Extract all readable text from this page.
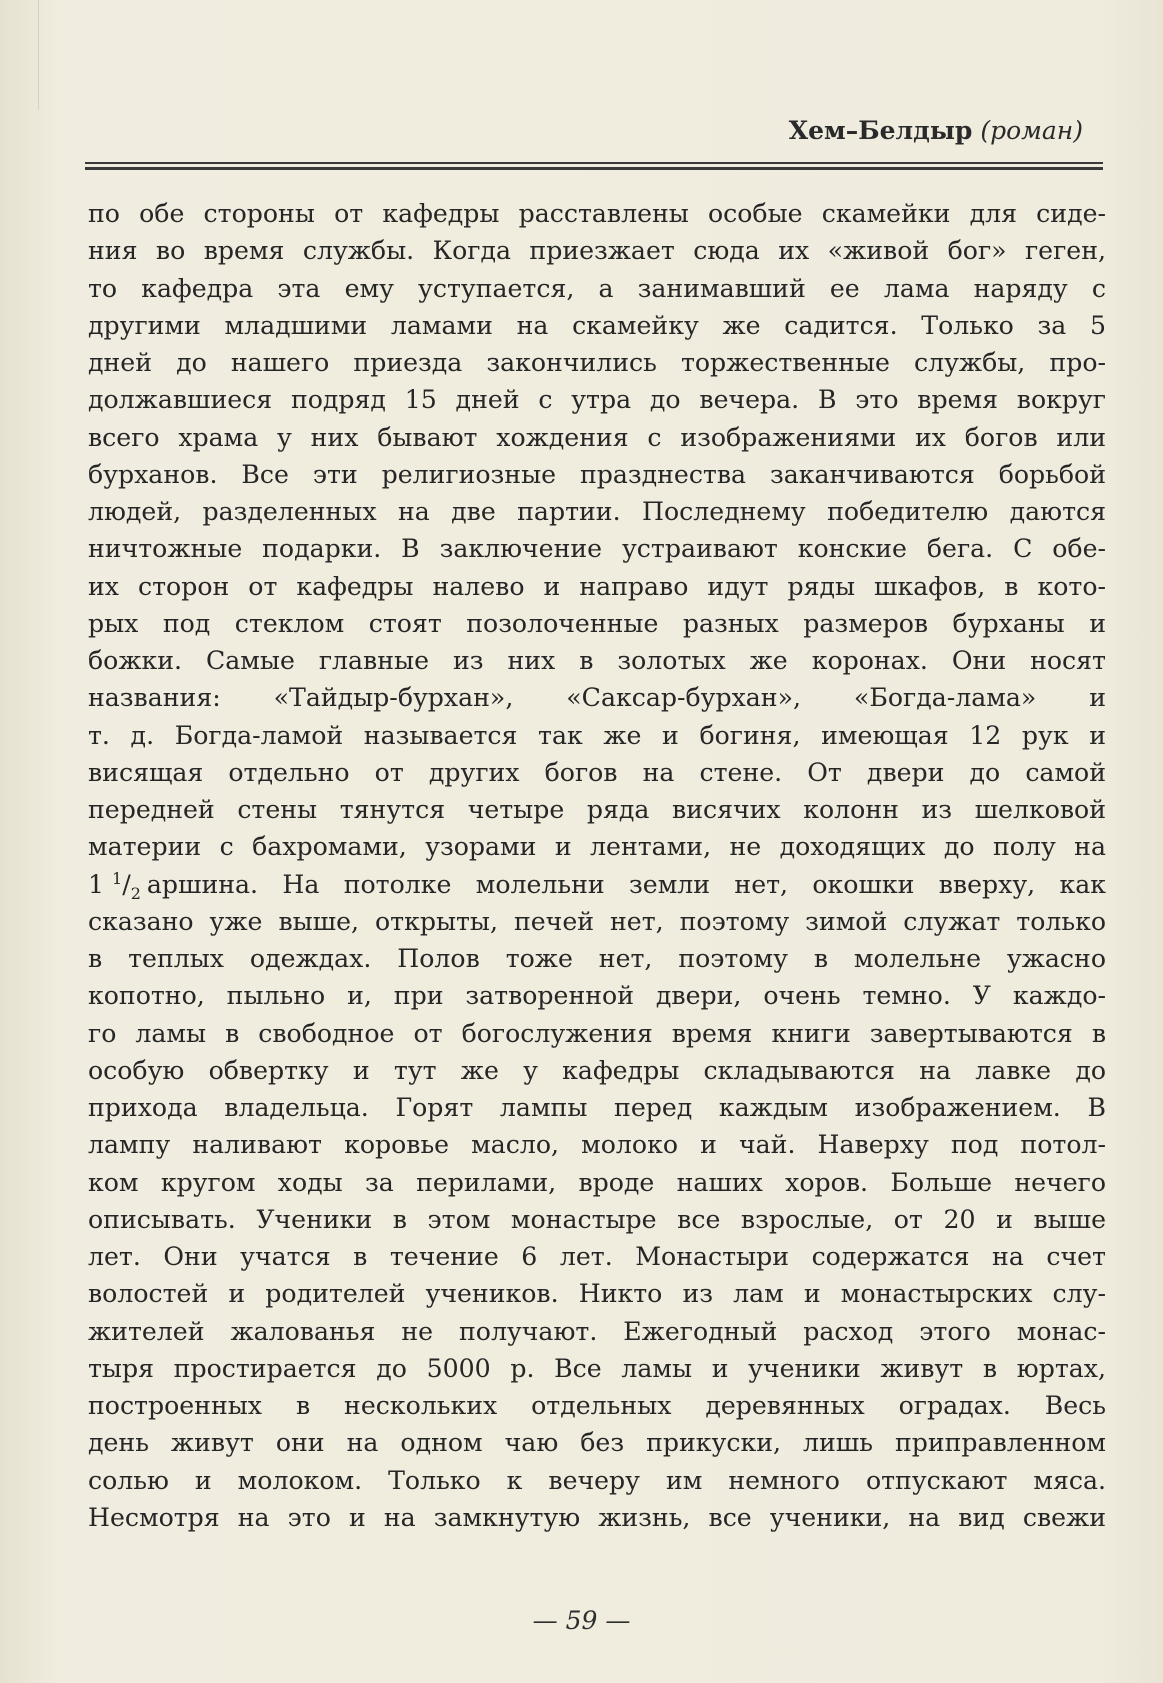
Хем–Белдыр (роман)
по обе стороны от кафедры расставлены особые скамейки для сиде-
ния во время службы. Когда приезжает сюда их «живой бог» геген,
то кафедра эта ему уступается, а занимавший ее лама наряду с
другими младшими ламами на скамейку же садится. Только за 5
дней до нашего приезда закончились торжественные службы, про-
должавшиеся подряд 15 дней с утра до вечера. В это время вокруг
всего храма у них бывают хождения с изображениями их богов или
бурханов. Все эти религиозные празднества заканчиваются борьбой
людей, разделенных на две партии. Последнему победителю даются
ничтожные подарки. В заключение устраивают конские бега. С обе-
их сторон от кафедры налево и направо идут ряды шкафов, в кото-
рых под стеклом стоят позолоченные разных размеров бурханы и
божки. Самые главные из них в золотых же коронах. Они носят
названия: «Тайдыр-бурхан», «Саксар-бурхан», «Богда-лама» и
т. д. Богда-ламой называется так же и богиня, имеющая 12 рук и
висящая отдельно от других богов на стене. От двери до самой
передней стены тянутся четыре ряда висячих колонн из шелковой
материи с бахромами, узорами и лентами, не доходящих до полу на
1 1 / 2 аршина. На потолке молельни земли нет, окошки вверху, как
сказано уже выше, открыты, печей нет, поэтому зимой служат только
в теплых одеждах. Полов тоже нет, поэтому в молельне ужасно
копотно, пыльно и, при затворенной двери, очень темно. У каждо-
го ламы в свободное от богослужения время книги завертываются в
особую обвертку и тут же у кафедры складываются на лавке до
прихода владельца. Горят лампы перед каждым изображением. В
лампу наливают коровье масло, молоко и чай. Наверху под потол-
ком кругом ходы за перилами, вроде наших хоров. Больше нечего
описывать. Ученики в этом монастыре все взрослые, от 20 и выше
лет. Они учатся в течение 6 лет. Монастыри содержатся на счет
волостей и родителей учеников. Никто из лам и монастырских слу-
жителей жалованья не получают. Ежегодный расход этого монас-
тыря простирается до 5000 р. Все ламы и ученики живут в юртах,
построенных в нескольких отдельных деревянных оградах. Весь
день живут они на одном чаю без прикуски, лишь приправленном
солью и молоком. Только к вечеру им немного отпускают мяса.
Несмотря на это и на замкнутую жизнь, все ученики, на вид свежи
— 59 —
